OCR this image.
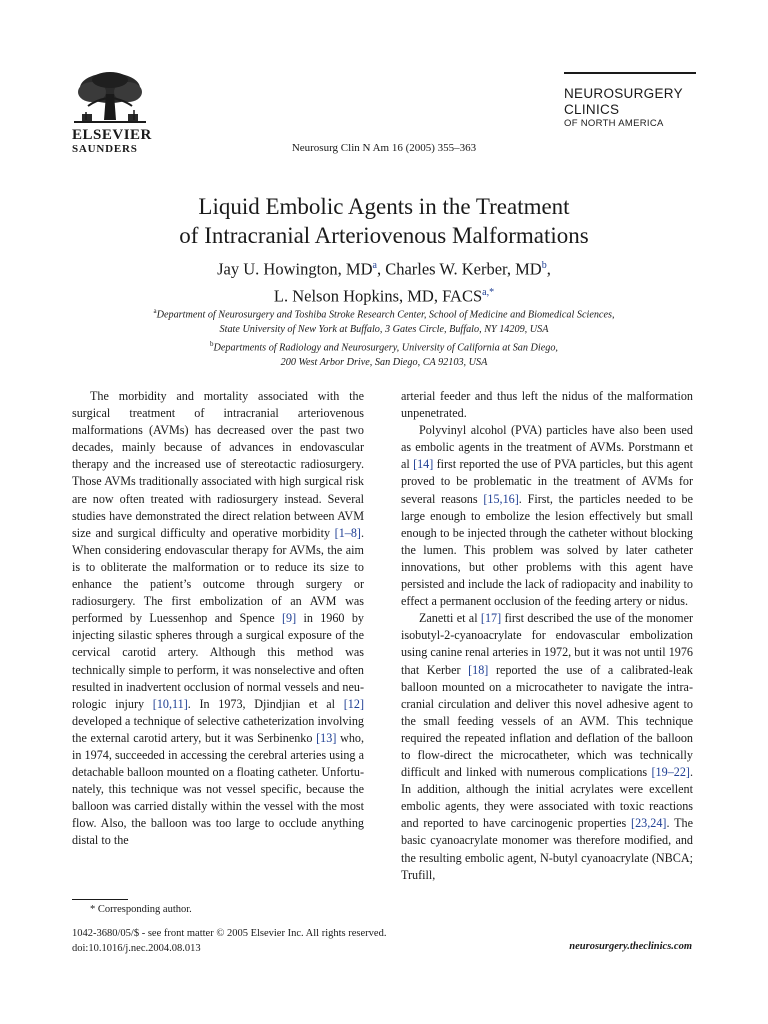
ELSEVIER
SAUNDERS	Neurosurg Clin N Am 16 (2005) 355–363
NEUROSURGERY
CLINICS
OF NORTH AMERICA
Liquid Embolic Agents in the Treatment
of Intracranial Arteriovenous Malformations
Jay U. Howington, $MD^a$, Charles W. Kerber, $MD^b$,
L. Nelson Hopkins, MD, $FACS^{a,*}$
$^a$Department of Neurosurgery and Toshiba Stroke Research Center, School of Medicine and Biomedical Sciences,
State University of New York at Buffalo, 3 Gates Circle, Buffalo, NY 14209, USA
$^b$Departments of Radiology and Neurosurgery, University of California at San Diego,
200 West Arbor Drive, San Diego, CA 92103, USA

The morbidity and mortality associated with the surgical treatment of intracranial arteriovenous malformations (AVMs) has decreased over the past two decades, mainly because of advances in endovascular therapy and the increased use of stereotactic radiosurgery. Those AVMs traditionally associated with high surgical risk are now often treated with radiosurgery instead. Several studies have demonstrated the direct relation between AVM size and surgical difficulty and operative morbidity [1–8]. When considering endovascular therapy for AVMs, the aim is to obliterate the malformation or to reduce its size to enhance the patient’s outcome through surgery or radiosurgery. The first embolization of an AVM was performed by Luessenhop and Spence [9] in 1960 by injecting silastic spheres through a surgical exposure of the cervical carotid artery. Although this method was technically simple to perform, it was nonselective and often resulted in inadvertent occlusion of normal vessels and neurologic injury [10,11]. In 1973, Djindjian et al [12] developed a technique of selective catheterization involving the external carotid artery, but it was Serbinenko [13] who, in 1974, succeeded in accessing the cerebral arteries using a detachable balloon mounted on a floating catheter. Unfortunately, this technique was not vessel specific, because the balloon was carried distally within the vessel with the most flow. Also, the balloon was too large to occlude anything distal to the

arterial feeder and thus left the nidus of the malformation unpenetrated.

Polyvinyl alcohol (PVA) particles have also been used as embolic agents in the treatment of AVMs. Porstmann et al [14] first reported the use of PVA particles, but this agent proved to be problematic in the treatment of AVMs for several reasons [15,16]. First, the particles needed to be large enough to embolize the lesion effectively but small enough to be injected through the catheter without blocking the lumen. This problem was solved by later catheter innovations, but other problems with this agent have persisted and include the lack of radiopacity and inability to effect a permanent occlusion of the feeding artery or nidus.

Zanetti et al [17] first described the use of the monomer isobutyl-2-cyanoacrylate for endovascular embolization using canine renal arteries in 1972, but it was not until 1976 that Kerber [18] reported the use of a calibrated-leak balloon mounted on a microcatheter to navigate the intracranial circulation and deliver this novel adhesive agent to the small feeding vessels of an AVM. This technique required the repeated inflation and deflation of the balloon to flow-direct the microcatheter, which was technically difficult and linked with numerous complications [19–22]. In addition, although the initial acrylates were excellent embolic agents, they were associated with toxic reactions and reported to have carcinogenic properties [23,24]. The basic cyanoacrylate monomer was therefore modified, and the resulting embolic agent, N-butyl cyanoacrylate (NBCA; Trufill,

* Corresponding author.
1042-3680/05/$ - see front matter © 2005 Elsevier Inc. All rights reserved.
doi:10.1016/j.nec.2004.08.013	neurosurgery.theclinics.com
